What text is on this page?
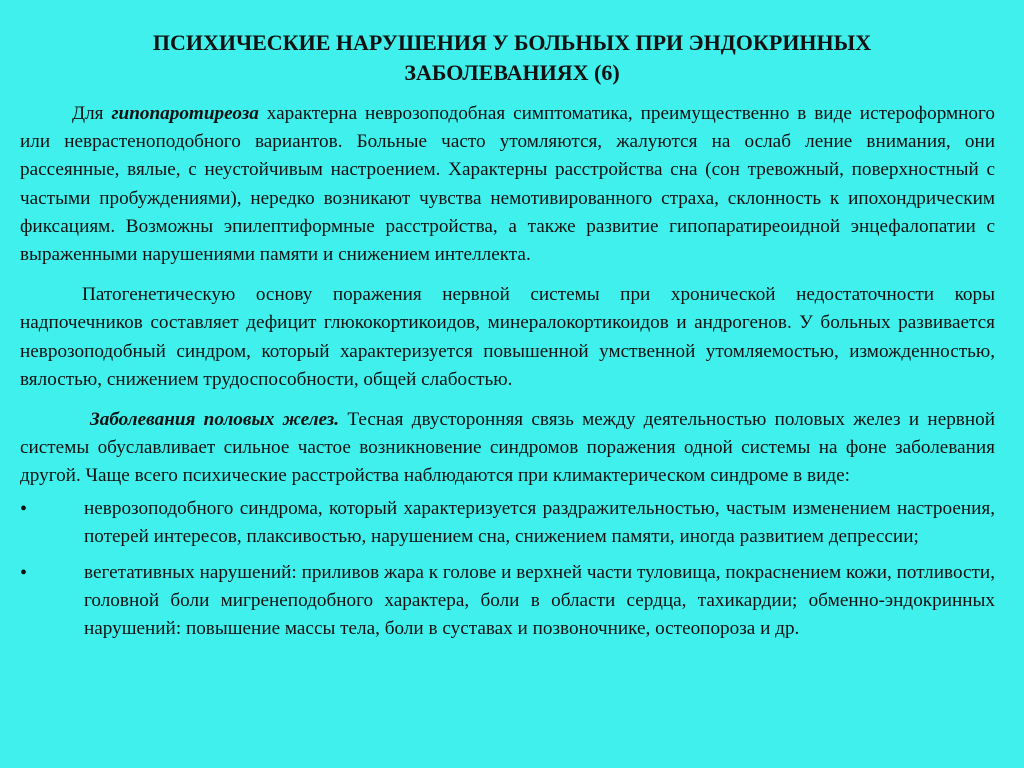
ПСИХИЧЕСКИЕ НАРУШЕНИЯ У БОЛЬНЫХ ПРИ ЭНДОКРИННЫХ ЗАБОЛЕВАНИЯХ (6)

Для гипопаротиреоза характерна неврозоподобная симптоматика, преимущественно в виде истероформного или неврастеноподобного вариантов. Больные часто утомляются, жалуются на ослаб ление внимания, они рассеянные, вялые, с неустойчивым настроением. Характерны расстройства сна (сон тревожный, поверхностный с частыми пробуждениями), нередко возникают чувства немотивированного страха, склонность к ипохондрическим фиксациям. Возможны эпилептиформные расстройства, а также развитие гипопаратиреоидной энцефалопатии с выраженными нарушениями памяти и снижением интеллекта.

Патогенетическую основу поражения нервной системы при хронической недостаточности коры надпочечников составляет дефицит глюкокортикоидов, минералокортикоидов и андрогенов. У больных развивается неврозоподобный синдром, который характеризуется повышенной умственной утомляемостью, изможденностью, вялостью, снижением трудоспособности, общей слабостью.

Заболевания половых желез. Тесная двусторонняя связь между деятельностью половых желез и нервной системы обуславливает сильное частое возникновение синдромов поражения одной системы на фоне заболевания другой. Чаще всего психические расстройства наблюдаются при климактерическом синдроме в виде:

•	неврозоподобного синдрома, который характеризуется раздражительностью, частым изменением настроения, потерей интересов, плаксивостью, нарушением сна, снижением памяти, иногда развитием депрессии;
•	вегетативных нарушений: приливов жара к голове и верхней части туловища, покраснением кожи, потливости, головной боли мигренеподобного характера, боли в области сердца, тахикардии; обменно-эндокринных нарушений: повышение массы тела, боли в суставах и позвоночнике, остеопороза и др.
